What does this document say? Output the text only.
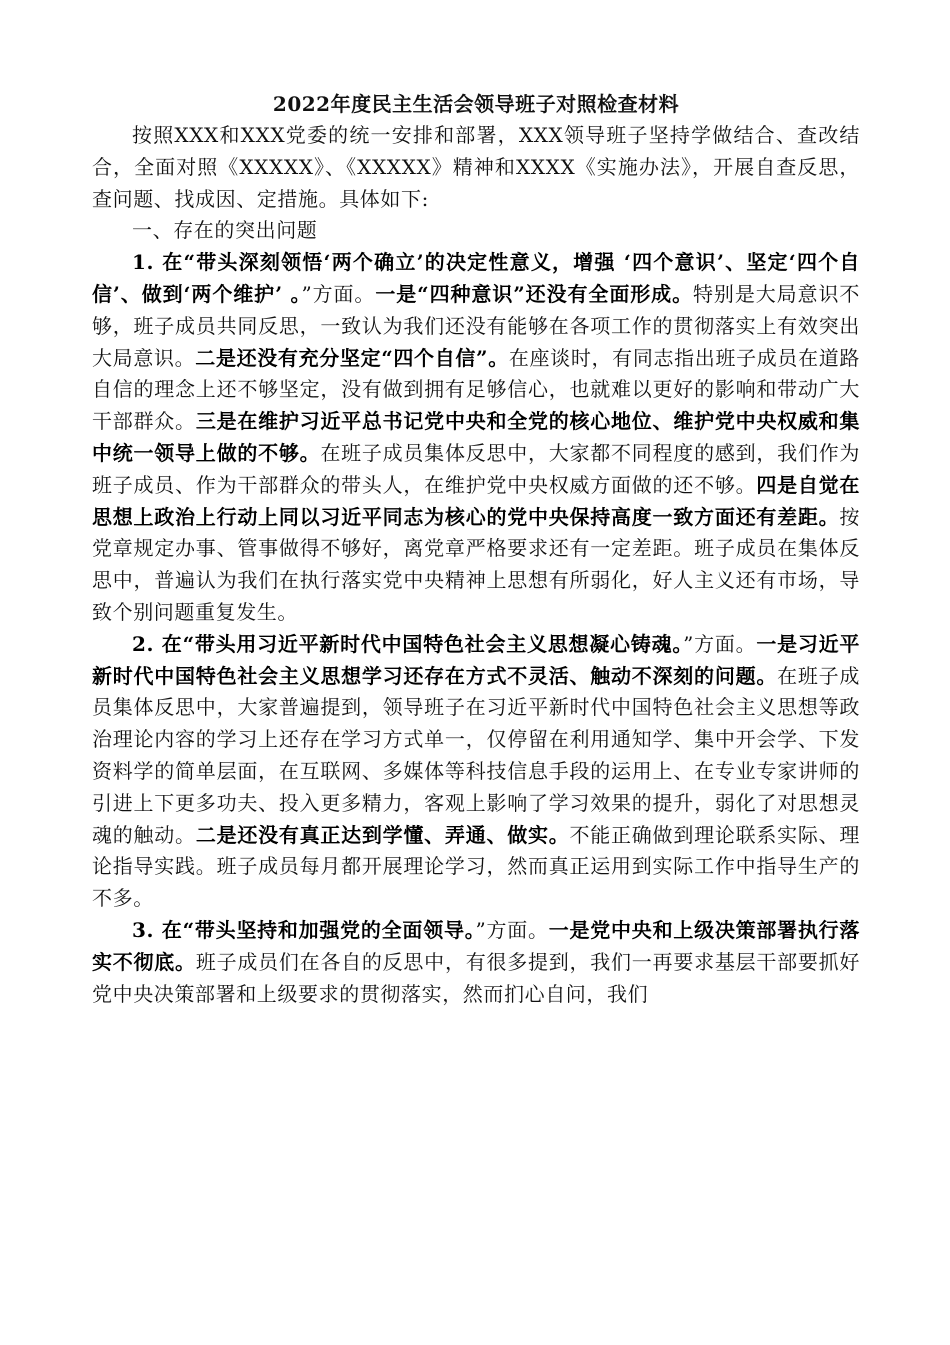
2022年度民主生活会领导班子对照检查材料

按照XXX和XXX党委的统一安排和部署，XXX领导班子坚持学做结合、查改结合，全面对照《XXXXX》、《XXXXX》精神和XXXX《实施办法》，开展自查反思，查问题、找成因、定措施。具体如下:

一、存在的突出问题

1. 在“带头深刻领悟‘两个确立’的决定性意义，增强 ‘四个意识’、坚定‘四个自信’、做到‘两个维护’ 。”方面。一是“四种意识”还没有全面形成。特别是大局意识不够，班子成员共同反思，一致认为我们还没有能够在各项工作的贯彻落实上有效突出大局意识。二是还没有充分坚定“四个自信”。在座谈时，有同志指出班子成员在道路自信的理念上还不够坚定，没有做到拥有足够信心，也就难以更好的影响和带动广大干部群众。三是在维护习近平总书记党中央和全党的核心地位、维护党中央权威和集中统一领导上做的不够。在班子成员集体反思中，大家都不同程度的感到，我们作为班子成员、作为干部群众的带头人，在维护党中央权威方面做的还不够。四是自觉在思想上政治上行动上同以习近平同志为核心的党中央保持高度一致方面还有差距。按党章规定办事、管事做得不够好，离党章严格要求还有一定差距。班子成员在集体反思中，普遍认为我们在执行落实党中央精神上思想有所弱化，好人主义还有市场，导致个别问题重复发生。

2. 在“带头用习近平新时代中国特色社会主义思想凝心铸魂。”方面。一是习近平新时代中国特色社会主义思想学习还存在方式不灵活、触动不深刻的问题。在班子成员集体反思中，大家普遍提到，领导班子在习近平新时代中国特色社会主义思想等政治理论内容的学习上还存在学习方式单一，仅停留在利用通知学、集中开会学、下发资料学的简单层面，在互联网、多媒体等科技信息手段的运用上、在专业专家讲师的引进上下更多功夫、投入更多精力，客观上影响了学习效果的提升，弱化了对思想灵魂的触动。二是还没有真正达到学懂、弄通、做实。不能正确做到理论联系实际、理论指导实践。班子成员每月都开展理论学习，然而真正运用到实际工作中指导生产的不多。

3. 在“带头坚持和加强党的全面领导。”方面。一是党中央和上级决策部署执行落实不彻底。班子成员们在各自的反思中，有很多提到，我们一再要求基层干部要抓好党中央决策部署和上级要求的贯彻落实，然而扪心自问，我们
